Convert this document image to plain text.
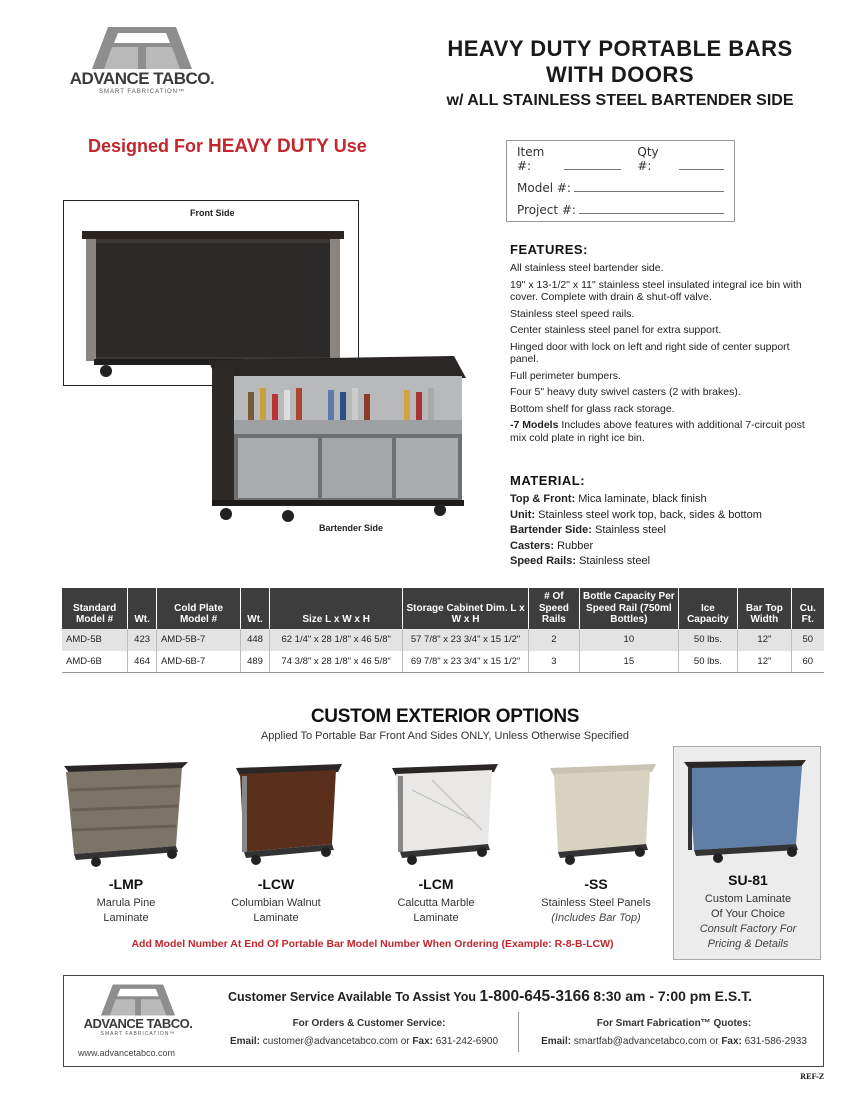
ADVANCE TABCO.
SMART FABRICATION™
HEAVY DUTY PORTABLE BARS
WITH DOORS
w/ ALL STAINLESS STEEL BARTENDER SIDE
Designed For HEAVY DUTY Use	Item #:
Qty #:
Model #:
Project #:
Front Side
Bartender Side
FEATURES:
All stainless steel bartender side.
19" x 13-1/2" x 11" stainless steel insulated integral ice bin with cover. Complete with drain & shut-off valve.
Stainless steel speed rails.
Center stainless steel panel for extra support.
Hinged door with lock on left and right side of center support panel.
Full perimeter bumpers.
Four 5" heavy duty swivel casters (2 with brakes).
Bottom shelf for glass rack storage.
-7 Models Includes above features with additional 7-circuit post mix cold plate in right ice bin.
MATERIAL:
Top & Front: Mica laminate, black finish
Unit: Stainless steel work top, back, sides & bottom
Bartender Side: Stainless steel
Casters: Rubber
Speed Rails: Stainless steel
Standard Model #	Wt.	Cold Plate Model #	Wt.	Size L x W x H	Storage Cabinet Dim. L x W x H	# Of Speed Rails	Bottle Capacity Per Speed Rail (750ml Bottles)	Ice Capacity	Bar Top Width	Cu. Ft.
AMD-5B	423	AMD-5B-7	448	62 1/4" x 28 1/8" x 46 5/8"	57 7/8" x 23 3/4" x 15 1/2"	2	10	50 lbs.	12"	50
AMD-6B	464	AMD-6B-7	489	74 3/8" x 28 1/8" x 46 5/8"	69 7/8" x 23 3/4" x 15 1/2"	3	15	50 lbs.	12"	60
CUSTOM EXTERIOR OPTIONS
Applied To Portable Bar Front And Sides ONLY, Unless Otherwise Specified
-LMP
Marula Pine
Laminate
-LCW
Columbian Walnut
Laminate
-LCM
Calcutta Marble
Laminate
-SS
Stainless Steel Panels
(Includes Bar Top)
SU-81
Custom Laminate
Of Your Choice
Consult Factory For
Pricing & Details
Add Model Number At End Of Portable Bar Model Number When Ordering (Example: R-8-B-LCW)
ADVANCE TABCO.
SMART FABRICATION™
www.advancetabco.com
Customer Service Available To Assist You 1-800-645-3166 8:30 am - 7:00 pm E.S.T.
For Orders & Customer Service:
Email: customer@advancetabco.com or Fax: 631-242-6900
For Smart Fabrication™ Quotes:
Email: smartfab@advancetabco.com or Fax: 631-586-2933
REF-Z
